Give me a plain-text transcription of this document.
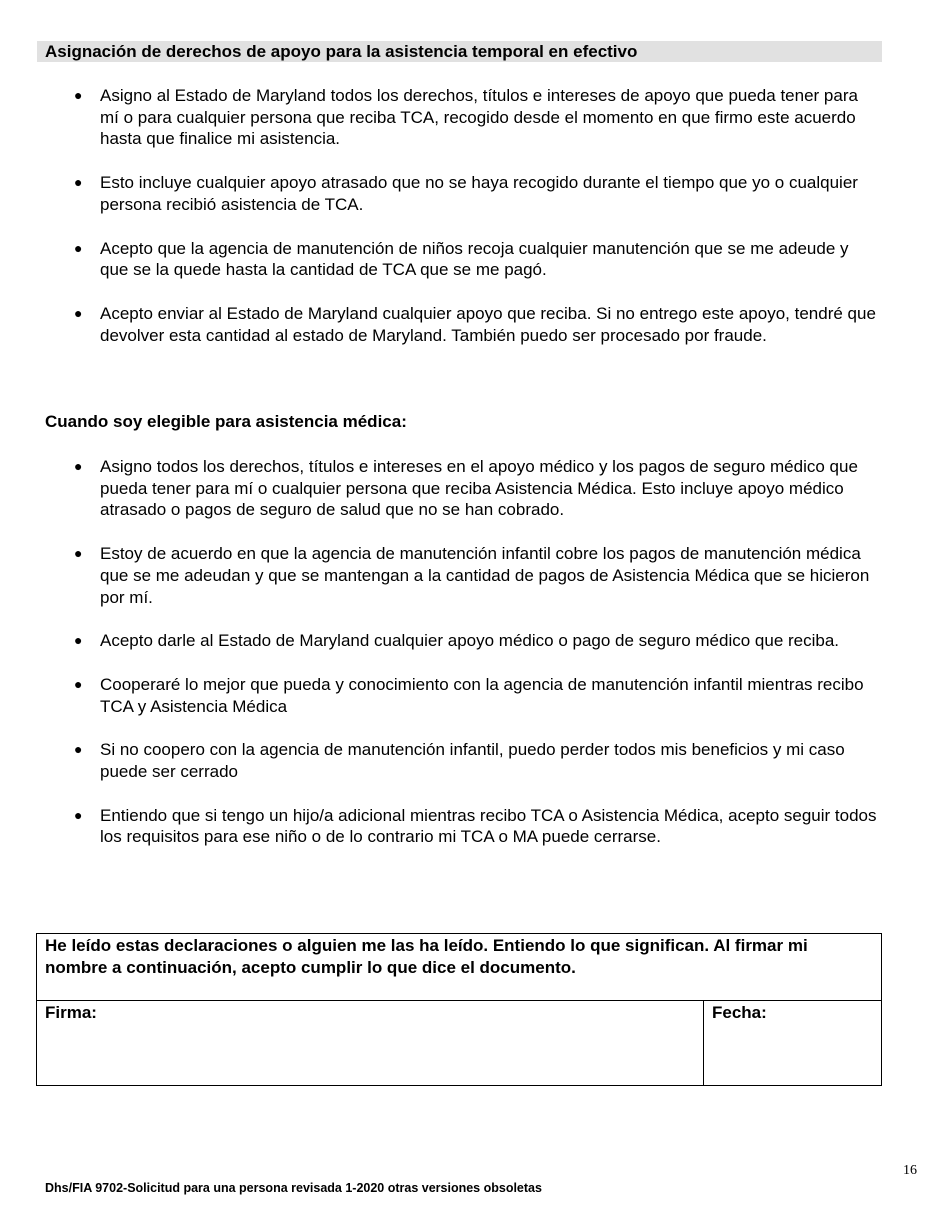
Asignación de derechos de apoyo para la asistencia temporal en efectivo
● Asigno al Estado de Maryland todos los derechos, títulos e intereses de apoyo que pueda tener para mí o para cualquier persona que reciba TCA, recogido desde el momento en que firmo este acuerdo hasta que finalice mi asistencia.
● Esto incluye cualquier apoyo atrasado que no se haya recogido durante el tiempo que yo o cualquier persona recibió asistencia de TCA.
● Acepto que la agencia de manutención de niños recoja cualquier manutención que se me adeude y que se la quede hasta la cantidad de TCA que se me pagó.
● Acepto enviar al Estado de Maryland cualquier apoyo que reciba. Si no entrego este apoyo, tendré que devolver esta cantidad al estado de Maryland. También puedo ser procesado por fraude.
Cuando soy elegible para asistencia médica:
● Asigno todos los derechos, títulos e intereses en el apoyo médico y los pagos de seguro médico que pueda tener para mí o cualquier persona que reciba Asistencia Médica. Esto incluye apoyo médico atrasado o pagos de seguro de salud que no se han cobrado.
● Estoy de acuerdo en que la agencia de manutención infantil cobre los pagos de manutención médica que se me adeudan y que se mantengan a la cantidad de pagos de Asistencia Médica que se hicieron por mí.
● Acepto darle al Estado de Maryland cualquier apoyo médico o pago de seguro médico que reciba.
● Cooperaré lo mejor que pueda y conocimiento con la agencia de manutención infantil mientras recibo TCA y Asistencia Médica
● Si no coopero con la agencia de manutención infantil, puedo perder todos mis beneficios y mi caso puede ser cerrado
● Entiendo que si tengo un hijo/a adicional mientras recibo TCA o Asistencia Médica, acepto seguir todos los requisitos para ese niño o de lo contrario mi TCA o MA puede cerrarse.
He leído estas declaraciones o alguien me las ha leído. Entiendo lo que significan. Al firmar mi nombre a continuación, acepto cumplir lo que dice el documento.
Firma:	Fecha:
16
Dhs/FIA 9702-Solicitud para una persona revisada 1-2020 otras versiones obsoletas
